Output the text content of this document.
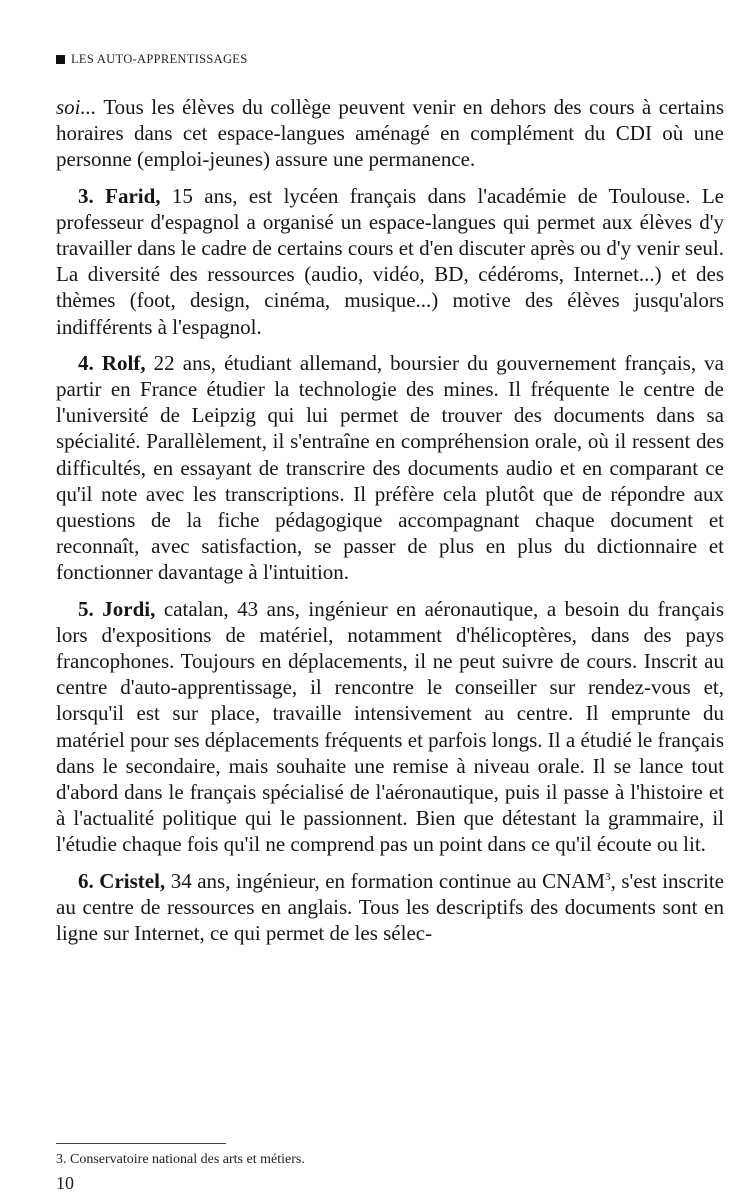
LES AUTO-APPRENTISSAGES

soi... Tous les élèves du collège peuvent venir en dehors des cours à certains horaires dans cet espace-langues aménagé en complément du CDI où une personne (emploi-jeunes) assure une permanence.

3. Farid, 15 ans, est lycéen français dans l'académie de Toulouse. Le professeur d'espagnol a organisé un espace-langues qui permet aux élèves d'y travailler dans le cadre de certains cours et d'en discuter après ou d'y venir seul. La diversité des ressources (audio, vidéo, BD, cédéroms, Internet...) et des thèmes (foot, design, cinéma, musique...) motive des élèves jusqu'alors indifférents à l'espagnol.

4. Rolf, 22 ans, étudiant allemand, boursier du gouvernement français, va partir en France étudier la technologie des mines. Il fréquente le centre de l'université de Leipzig qui lui permet de trouver des documents dans sa spécialité. Parallèlement, il s'entraîne en compréhension orale, où il ressent des difficultés, en essayant de transcrire des documents audio et en comparant ce qu'il note avec les transcriptions. Il préfère cela plutôt que de répondre aux questions de la fiche pédagogique accompagnant chaque document et reconnaît, avec satisfaction, se passer de plus en plus du dictionnaire et fonctionner davantage à l'intuition.

5. Jordi, catalan, 43 ans, ingénieur en aéronautique, a besoin du français lors d'expositions de matériel, notamment d'hélicoptères, dans des pays francophones. Toujours en déplacements, il ne peut suivre de cours. Inscrit au centre d'auto-apprentissage, il rencontre le conseiller sur rendez-vous et, lorsqu'il est sur place, travaille intensivement au centre. Il emprunte du matériel pour ses déplacements fréquents et parfois longs. Il a étudié le français dans le secondaire, mais souhaite une remise à niveau orale. Il se lance tout d'abord dans le français spécialisé de l'aéronautique, puis il passe à l'histoire et à l'actualité politique qui le passionnent. Bien que détestant la grammaire, il l'étudie chaque fois qu'il ne comprend pas un point dans ce qu'il écoute ou lit.

6. Cristel, 34 ans, ingénieur, en formation continue au CNAM$^3$, s'est inscrite au centre de ressources en anglais. Tous les descriptifs des documents sont en ligne sur Internet, ce qui permet de les sélec-

3. Conservatoire national des arts et métiers.
10
